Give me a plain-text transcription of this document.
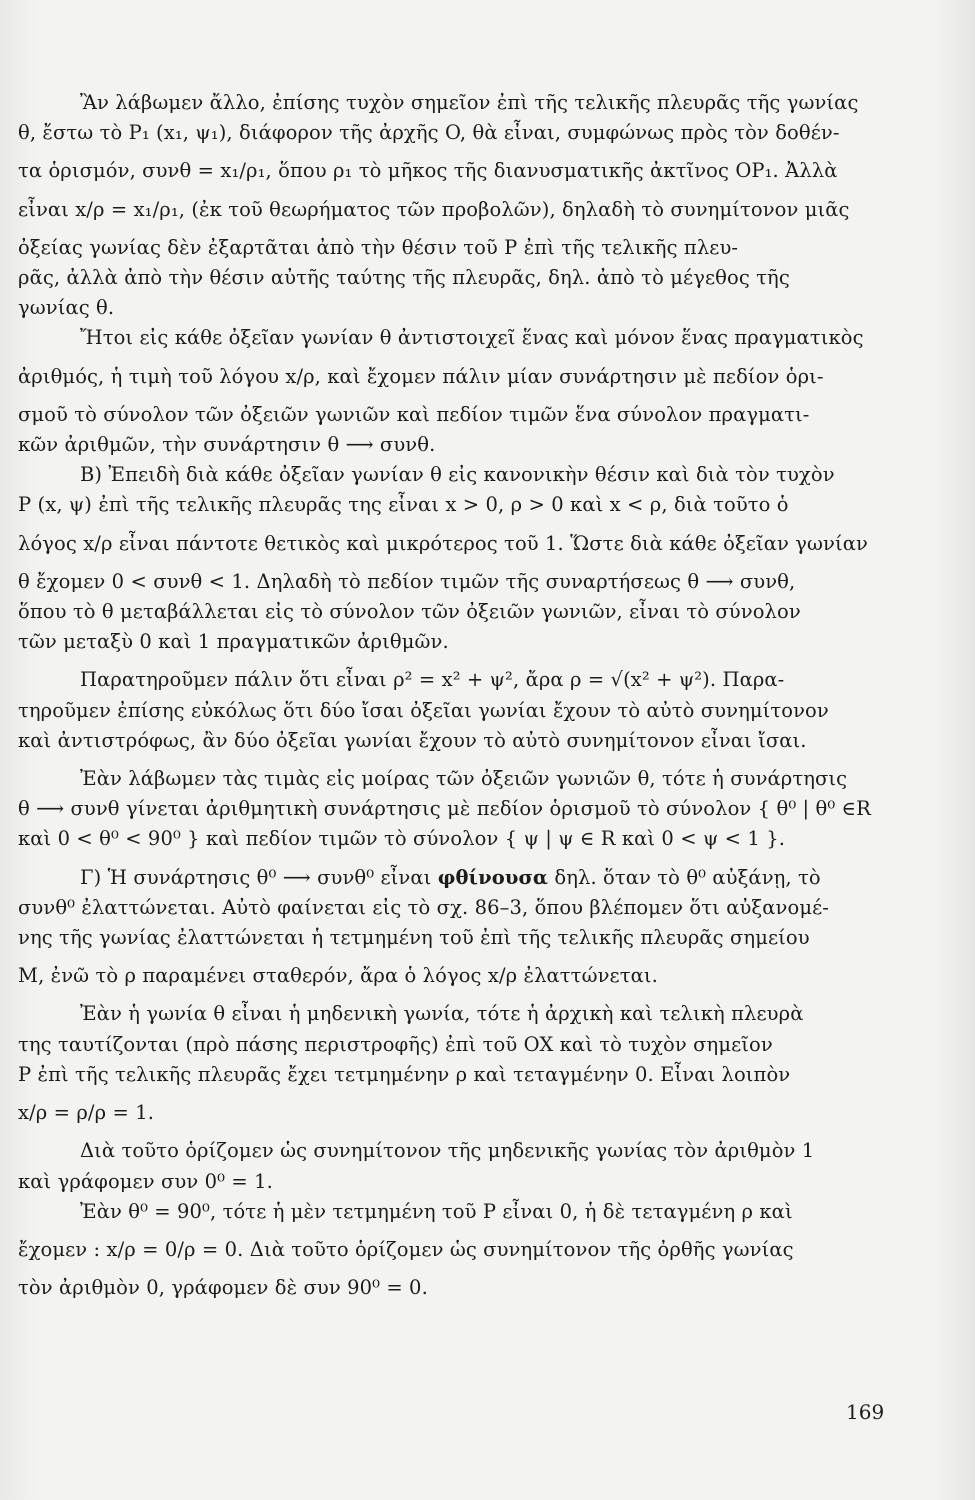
Ἂν λάβωμεν ἄλλο, ἐπίσης τυχὸν σημεῖον ἐπὶ τῆς τελικῆς πλευρᾶς τῆς γωνίας

θ, ἔστω τὸ P₁ (x₁, ψ₁), διάφορον τῆς ἀρχῆς O, θὰ εἶναι, συμφώνως πρὸς τὸν δοθέν-

τα ὁρισμόν, συνθ = x₁/ρ₁, ὅπου ρ₁ τὸ μῆκος τῆς διανυσματικῆς ἀκτῖνος OP₁. Ἀλλὰ

εἶναι x/ρ = x₁/ρ₁, (ἐκ τοῦ θεωρήματος τῶν προβολῶν), δηλαδὴ τὸ συνημίτονον μιᾶς

ὀξείας γωνίας δὲν ἐξαρτᾶται ἀπὸ τὴν θέσιν τοῦ P ἐπὶ τῆς τελικῆς πλευ-

ρᾶς, ἀλλὰ ἀπὸ τὴν θέσιν αὐτῆς ταύτης τῆς πλευρᾶς, δηλ. ἀπὸ τὸ μέγεθος τῆς

γωνίας θ.

Ἤτοι εἰς κάθε ὀξεῖαν γωνίαν θ ἀντιστοιχεῖ ἕνας καὶ μόνον ἕνας πραγματικὸς

ἀριθμός, ἡ τιμὴ τοῦ λόγου x/ρ, καὶ ἔχομεν πάλιν μίαν συνάρτησιν μὲ πεδίον ὁρι-

σμοῦ τὸ σύνολον τῶν ὀξειῶν γωνιῶν καὶ πεδίον τιμῶν ἕνα σύνολον πραγματι-

κῶν ἀριθμῶν, τὴν συνάρτησιν θ ⟶ συνθ.

Β) Ἐπειδὴ διὰ κάθε ὀξεῖαν γωνίαν θ εἰς κανονικὴν θέσιν καὶ διὰ τὸν τυχὸν

P (x, ψ) ἐπὶ τῆς τελικῆς πλευρᾶς της εἶναι x > 0, ρ > 0 καὶ x < ρ, διὰ τοῦτο ὁ

λόγος x/ρ εἶναι πάντοτε θετικὸς καὶ μικρότερος τοῦ 1. Ὥστε διὰ κάθε ὀξεῖαν γωνίαν

θ ἔχομεν 0 < συνθ < 1. Δηλαδὴ τὸ πεδίον τιμῶν τῆς συναρτήσεως θ ⟶ συνθ,

ὅπου τὸ θ μεταβάλλεται εἰς τὸ σύνολον τῶν ὀξειῶν γωνιῶν, εἶναι τὸ σύνολον

τῶν μεταξὺ 0 καὶ 1 πραγματικῶν ἀριθμῶν.

Παρατηροῦμεν πάλιν ὅτι εἶναι ρ² = x² + ψ², ἄρα ρ = √(x² + ψ²). Παρα-

τηροῦμεν ἐπίσης εὐκόλως ὅτι δύο ἴσαι ὀξεῖαι γωνίαι ἔχουν τὸ αὐτὸ συνημίτονον

καὶ ἀντιστρόφως, ἂν δύο ὀξεῖαι γωνίαι ἔχουν τὸ αὐτὸ συνημίτονον εἶναι ἴσαι.

Ἐὰν λάβωμεν τὰς τιμὰς εἰς μοίρας τῶν ὀξειῶν γωνιῶν θ, τότε ἡ συνάρτησις

θ ⟶ συνθ γίνεται ἀριθμητικὴ συνάρτησις μὲ πεδίον ὁρισμοῦ τὸ σύνολον { θ⁰ | θ⁰ ∈R

καὶ 0 < θ⁰ < 90⁰ } καὶ πεδίον τιμῶν τὸ σύνολον { ψ | ψ ∈ R καὶ 0 < ψ < 1 }.

Γ) Ἡ συνάρτησις θ⁰ ⟶ συνθ⁰ εἶναι φθίνουσα δηλ. ὅταν τὸ θ⁰ αὐξάνῃ, τὸ

συνθ⁰ ἐλαττώνεται. Αὐτὸ φαίνεται εἰς τὸ σχ. 86–3, ὅπου βλέπομεν ὅτι αὐξανομέ-

νης τῆς γωνίας ἐλαττώνεται ἡ τετμημένη τοῦ ἐπὶ τῆς τελικῆς πλευρᾶς σημείου

M, ἐνῶ τὸ ρ παραμένει σταθερόν, ἄρα ὁ λόγος x/ρ ἐλαττώνεται.

Ἐὰν ἡ γωνία θ εἶναι ἡ μηδενικὴ γωνία, τότε ἡ ἀρχικὴ καὶ τελικὴ πλευρὰ

της ταυτίζονται (πρὸ πάσης περιστροφῆς) ἐπὶ τοῦ OX καὶ τὸ τυχὸν σημεῖον

P ἐπὶ τῆς τελικῆς πλευρᾶς ἔχει τετμημένην ρ καὶ τεταγμένην 0. Εἶναι λοιπὸν

x/ρ = ρ/ρ = 1.

Διὰ τοῦτο ὁρίζομεν ὡς συνημίτονον τῆς μηδενικῆς γωνίας τὸν ἀριθμὸν 1

καὶ γράφομεν συν 0⁰ = 1.

Ἐὰν θ⁰ = 90⁰, τότε ἡ μὲν τετμημένη τοῦ P εἶναι 0, ἡ δὲ τεταγμένη ρ καὶ

ἔχομεν : x/ρ = 0/ρ = 0. Διὰ τοῦτο ὁρίζομεν ὡς συνημίτονον τῆς ὀρθῆς γωνίας

τὸν ἀριθμὸν 0, γράφομεν δὲ συν 90⁰ = 0.

169
